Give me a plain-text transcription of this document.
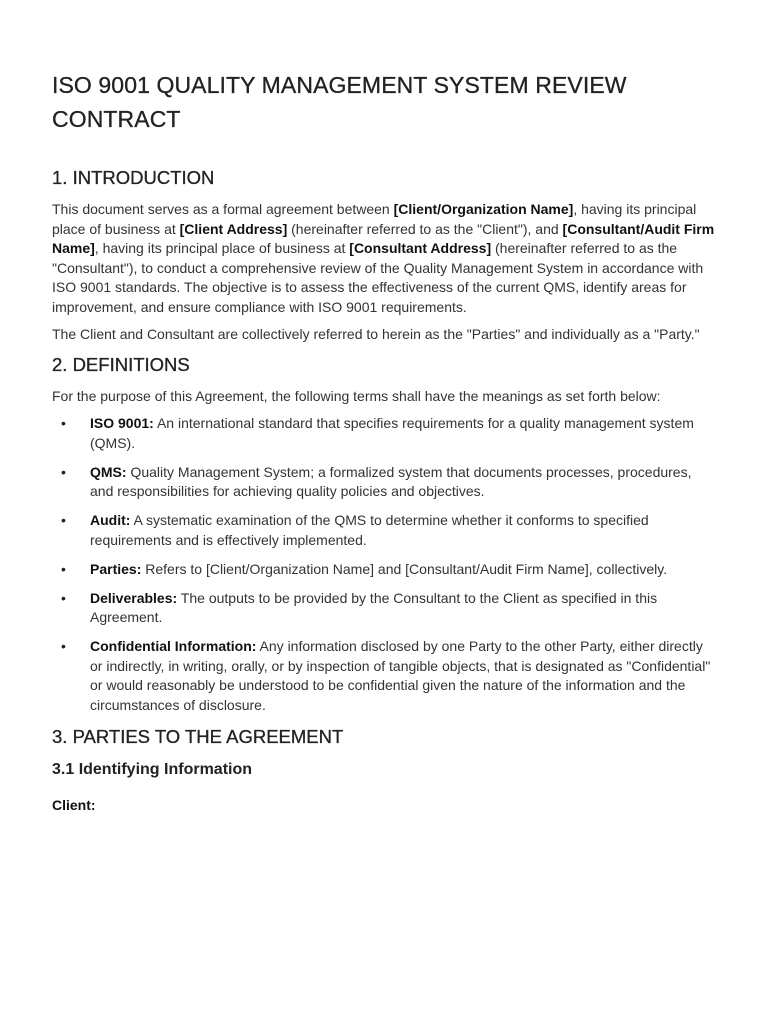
ISO 9001 QUALITY MANAGEMENT SYSTEM REVIEW CONTRACT
1. INTRODUCTION

This document serves as a formal agreement between [Client/Organization Name], having its principal place of business at [Client Address] (hereinafter referred to as the "Client"), and [Consultant/Audit Firm Name], having its principal place of business at [Consultant Address] (hereinafter referred to as the "Consultant"), to conduct a comprehensive review of the Quality Management System in accordance with ISO 9001 standards. The objective is to assess the effectiveness of the current QMS, identify areas for improvement, and ensure compliance with ISO 9001 requirements.

The Client and Consultant are collectively referred to herein as the "Parties" and individually as a "Party."

2. DEFINITIONS

For the purpose of this Agreement, the following terms shall have the meanings as set forth below:

• ISO 9001: An international standard that specifies requirements for a quality management system (QMS).
• QMS: Quality Management System; a formalized system that documents processes, procedures, and responsibilities for achieving quality policies and objectives.
• Audit: A systematic examination of the QMS to determine whether it conforms to specified requirements and is effectively implemented.
• Parties: Refers to [Client/Organization Name] and [Consultant/Audit Firm Name], collectively.
• Deliverables: The outputs to be provided by the Consultant to the Client as specified in this Agreement.
• Confidential Information: Any information disclosed by one Party to the other Party, either directly or indirectly, in writing, orally, or by inspection of tangible objects, that is designated as "Confidential" or would reasonably be understood to be confidential given the nature of the information and the circumstances of disclosure.
3. PARTIES TO THE AGREEMENT
3.1 Identifying Information

Client:
